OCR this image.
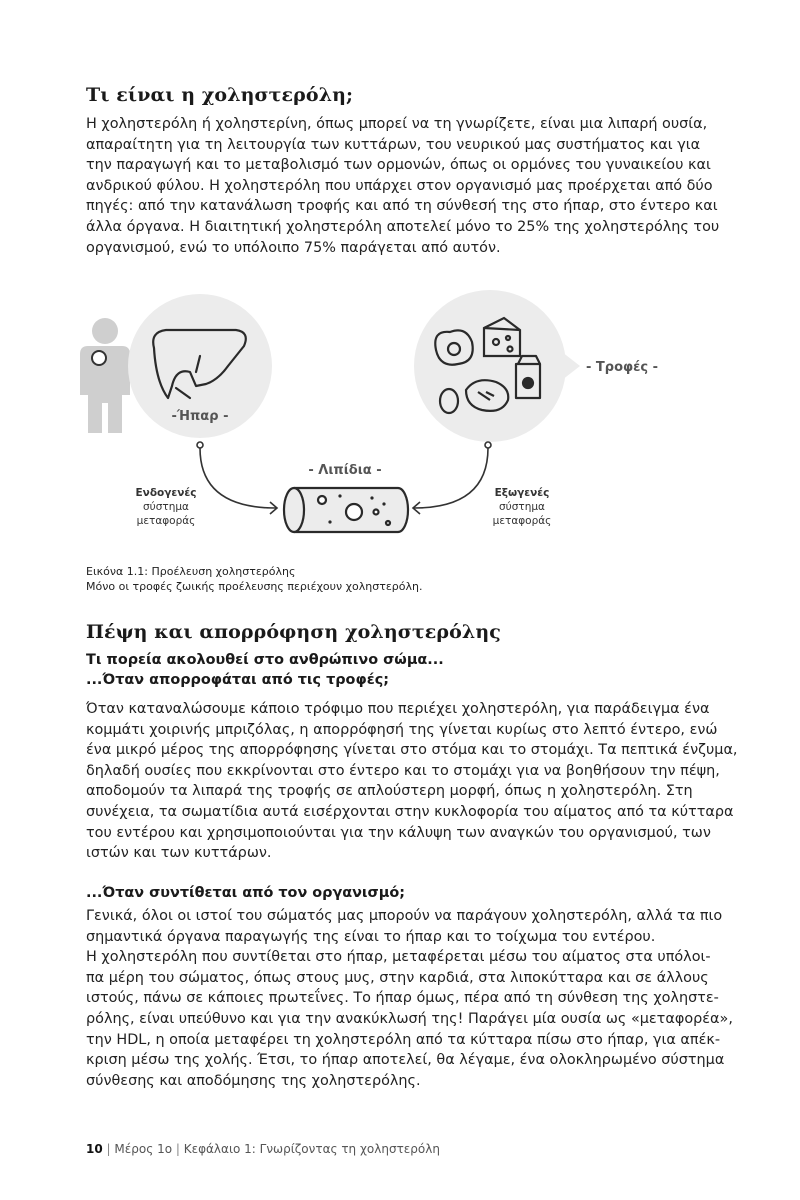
Τι είναι η χοληστερόλη;
Η χοληστερόλη ή χοληστερίνη, όπως μπορεί να τη γνωρίζετε, είναι μια λιπαρή ουσία,
απαραίτητη για τη λειτουργία των κυττάρων, του νευρικού μας συστήματος και για
την παραγωγή και το μεταβολισμό των ορμονών, όπως οι ορμόνες του γυναικείου και
ανδρικού φύλου. Η χοληστερόλη που υπάρχει στον οργανισμό μας προέρχεται από δύο
πηγές: από την κατανάλωση τροφής και από τη σύνθεσή της στο ήπαρ, στο έντερο και
άλλα όργανα. Η διαιτητική χοληστερόλη αποτελεί μόνο το 25% της χοληστερόλης του
οργανισμού, ενώ το υπόλοιπο 75% παράγεται από αυτόν.
-Ήπαρ -
- Τροφές -
- Λιπίδια -
Ενδογενές
σύστημα
μεταφοράς
Εξωγενές
σύστημα
μεταφοράς
Εικόνα 1.1: Προέλευση χοληστερόλης
Μόνο οι τροφές ζωικής προέλευσης περιέχουν χοληστερόλη.
Πέψη και απορρόφηση χοληστερόλης
Τι πορεία ακολουθεί στο ανθρώπινο σώμα...
...Όταν απορροφάται από τις τροφές;
Όταν καταναλώσουμε κάποιο τρόφιμο που περιέχει χοληστερόλη, για παράδειγμα ένα
κομμάτι χοιρινής μπριζόλας, η απορρόφησή της γίνεται κυρίως στο λεπτό έντερο, ενώ
ένα μικρό μέρος της απορρόφησης γίνεται στο στόμα και το στομάχι. Τα πεπτικά ένζυμα,
δηλαδή ουσίες που εκκρίνονται στο έντερο και το στομάχι για να βοηθήσουν την πέψη,
αποδομούν τα λιπαρά της τροφής σε απλούστερη μορφή, όπως η χοληστερόλη. Στη
συνέχεια, τα σωματίδια αυτά εισέρχονται στην κυκλοφορία του αίματος από τα κύτταρα
του εντέρου και χρησιμοποιούνται για την κάλυψη των αναγκών του οργανισμού, των
ιστών και των κυττάρων.
...Όταν συντίθεται από τον οργανισμό;
Γενικά, όλοι οι ιστοί του σώματός μας μπορούν να παράγουν χοληστερόλη, αλλά τα πιο
σημαντικά όργανα παραγωγής της είναι το ήπαρ και το τοίχωμα του εντέρου.
Η χοληστερόλη που συντίθεται στο ήπαρ, μεταφέρεται μέσω του αίματος στα υπόλοι-
πα μέρη του σώματος, όπως στους μυς, στην καρδιά, στα λιποκύτταρα και σε άλλους
ιστούς, πάνω σε κάποιες πρωτεΐνες. Το ήπαρ όμως, πέρα από τη σύνθεση της χοληστε-
ρόλης, είναι υπεύθυνο και για την ανακύκλωσή της! Παράγει μία ουσία ως «μεταφορέα»,
την HDL, η οποία μεταφέρει τη χοληστερόλη από τα κύτταρα πίσω στο ήπαρ, για απέκ-
κριση μέσω της χολής. Έτσι, το ήπαρ αποτελεί, θα λέγαμε, ένα ολοκληρωμένο σύστημα
σύνθεσης και αποδόμησης της χοληστερόλης.
10 | Μέρος 1ο | Κεφάλαιο 1: Γνωρίζοντας τη χοληστερόλη
